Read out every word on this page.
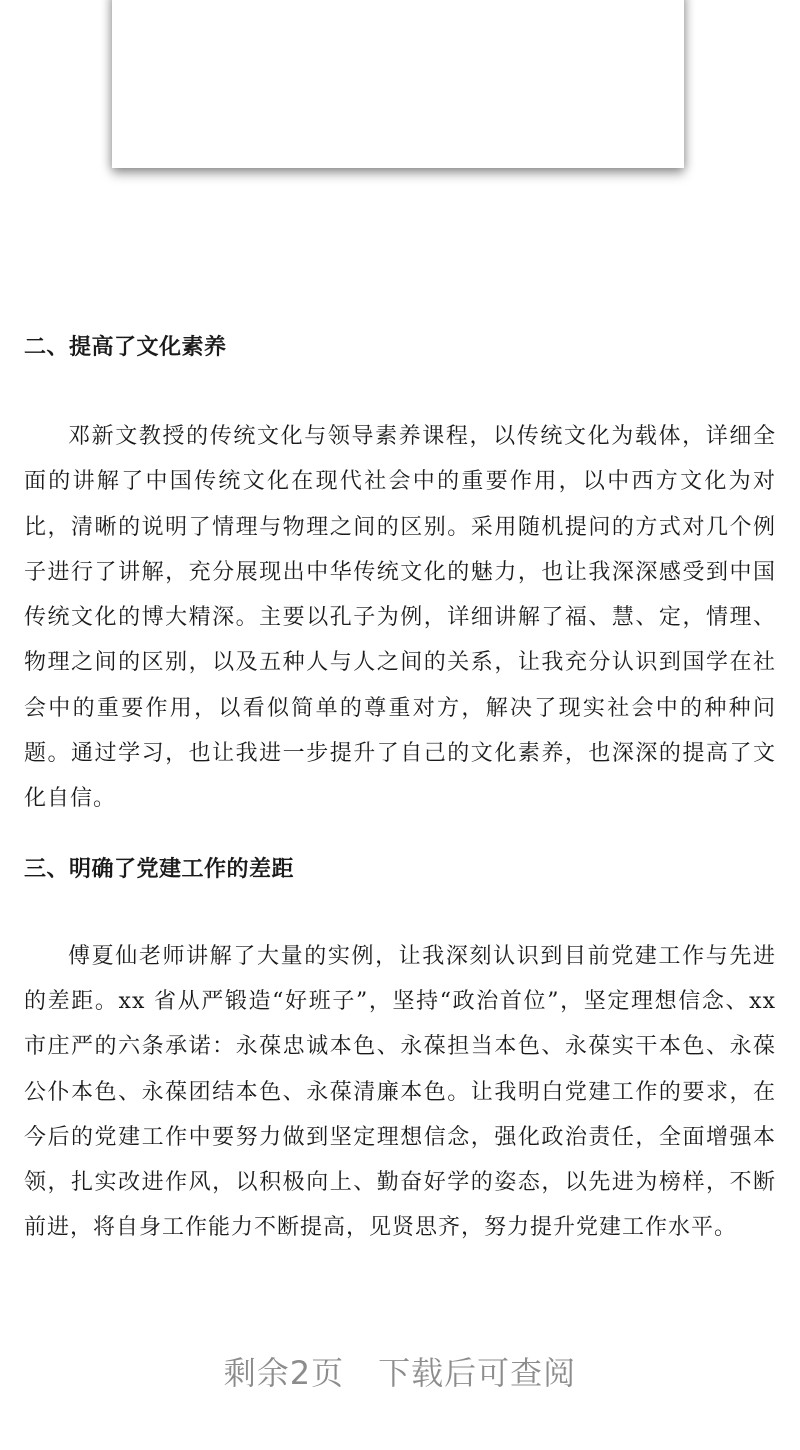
二、提高了文化素养

邓新文教授的传统文化与领导素养课程，以传统文化为载体，详细全面的讲解了中国传统文化在现代社会中的重要作用，以中西方文化为对比，清晰的说明了情理与物理之间的区别。采用随机提问的方式对几个例子进行了讲解，充分展现出中华传统文化的魅力，也让我深深感受到中国传统文化的博大精深。主要以孔子为例，详细讲解了福、慧、定，情理、物理之间的区别，以及五种人与人之间的关系，让我充分认识到国学在社会中的重要作用，以看似简单的尊重对方，解决了现实社会中的种种问题。通过学习，也让我进一步提升了自己的文化素养，也深深的提高了文化自信。

三、明确了党建工作的差距

傅夏仙老师讲解了大量的实例，让我深刻认识到目前党建工作与先进的差距。xx 省从严锻造“好班子”，坚持“政治首位”，坚定理想信念、xx 市庄严的六条承诺：永葆忠诚本色、永葆担当本色、永葆实干本色、永葆公仆本色、永葆团结本色、永葆清廉本色。让我明白党建工作的要求，在今后的党建工作中要努力做到坚定理想信念，强化政治责任，全面增强本领，扎实改进作风，以积极向上、勤奋好学的姿态，以先进为榜样，不断前进，将自身工作能力不断提高，见贤思齐，努力提升党建工作水平。

剩余2页 下载后可查阅
